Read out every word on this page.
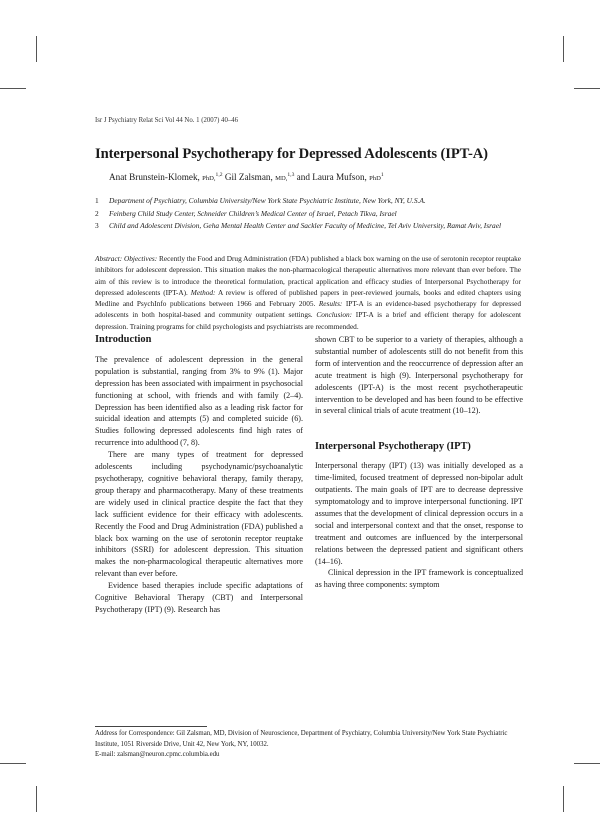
Isr J Psychiatry Relat Sci Vol 44 No. 1 (2007) 40–46
Interpersonal Psychotherapy for Depressed Adolescents (IPT-A)
Anat Brunstein-Klomek, PhD,$^{1,2}$ Gil Zalsman, MD,$^{1,3}$ and Laura Mufson, PhD$^1$
1 Department of Psychiatry, Columbia University/New York State Psychiatric Institute, New York, NY, U.S.A.
2 Feinberg Child Study Center, Schneider Children’s Medical Center of Israel, Petach Tikva, Israel
3 Child and Adolescent Division, Geha Mental Health Center and Sackler Faculty of Medicine, Tel Aviv University, Ramat Aviv, Israel
Abstract: Objectives: Recently the Food and Drug Administration (FDA) published a black box warning on the use of serotonin receptor reuptake inhibitors for adolescent depression. This situation makes the non-pharmacological therapeutic alternatives more relevant than ever before. The aim of this review is to introduce the theoretical formulation, practical application and efficacy studies of Interpersonal Psychotherapy for depressed adolescents (IPT-A). Method: A review is offered of published papers in peer-reviewed journals, books and edited chapters using Medline and PsychInfo publications between 1966 and February 2005. Results: IPT-A is an evidence-based psychotherapy for depressed adolescents in both hospital-based and community outpatient settings. Conclusion: IPT-A is a brief and efficient therapy for adolescent depression. Training programs for child psychologists and psychiatrists are recommended.
Introduction

The prevalence of adolescent depression in the general population is substantial, ranging from 3% to 9% (1). Major depression has been associated with impairment in psychosocial functioning at school, with friends and with family (2–4). Depression has been identified also as a leading risk factor for suicidal ideation and attempts (5) and completed suicide (6). Studies following depressed adolescents find high rates of recurrence into adulthood (7, 8).

There are many types of treatment for depressed adolescents including psychodynamic/psychoanalytic psychotherapy, cognitive behavioral therapy, family therapy, group therapy and pharmacotherapy. Many of these treatments are widely used in clinical practice despite the fact that they lack sufficient evidence for their efficacy with adolescents. Recently the Food and Drug Administration (FDA) published a black box warning on the use of serotonin receptor reuptake inhibitors (SSRI) for adolescent depression. This situation makes the non-pharmacological therapeutic alternatives more relevant than ever before.

Evidence based therapies include specific adaptations of Cognitive Behavioral Therapy (CBT) and Interpersonal Psychotherapy (IPT) (9). Research has

shown CBT to be superior to a variety of therapies, although a substantial number of adolescents still do not benefit from this form of intervention and the reoccurrence of depression after an acute treatment is high (9). Interpersonal psychotherapy for adolescents (IPT-A) is the most recent psychotherapeutic intervention to be developed and has been found to be effective in several clinical trials of acute treatment (10–12).

Interpersonal Psychotherapy (IPT)

Interpersonal therapy (IPT) (13) was initially developed as a time-limited, focused treatment of depressed non-bipolar adult outpatients. The main goals of IPT are to decrease depressive symptomatology and to improve interpersonal functioning. IPT assumes that the development of clinical depression occurs in a social and interpersonal context and that the onset, response to treatment and outcomes are influenced by the interpersonal relations between the depressed patient and significant others (14–16).

Clinical depression in the IPT framework is conceptualized as having three components: symptom

Address for Correspondence: Gil Zalsman, MD, Division of Neuroscience, Department of Psychiatry, Columbia University/New York State Psychiatric Institute, 1051 Riverside Drive, Unit 42, New York, NY, 10032.
E-mail: zalsman@neuron.cpmc.columbia.edu
